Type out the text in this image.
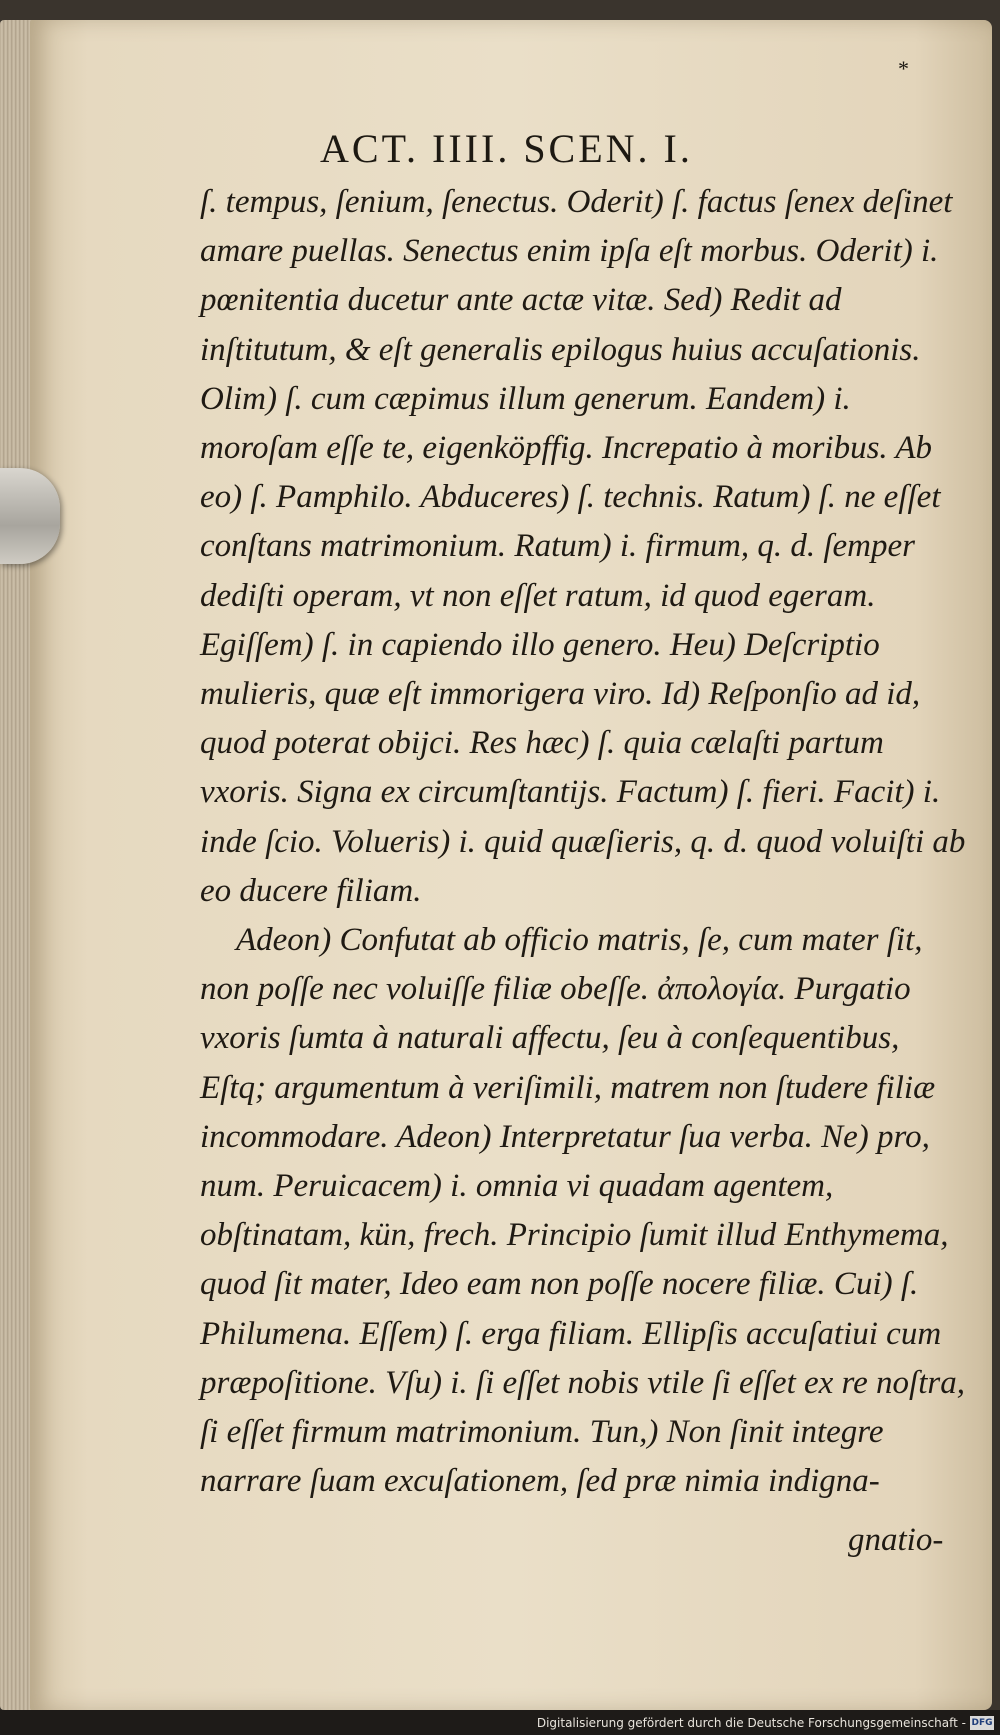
*
ACT. IIII. SCEN. I.

ſ. tempus, ſenium, ſenectus. Oderit) ſ. factus ſenex deſinet amare puellas. Senectus enim ipſa eſt morbus. Oderit) i. pœnitentia ducetur ante actæ vitæ. Sed) Redit ad inſtitutum, & eſt generalis epilogus huius accuſationis. Olim) ſ. cum cæpimus illum generum. Eandem) i. moroſam eſſe te, eigenköpffig. Increpatio à moribus. Ab eo) ſ. Pamphilo. Abduceres) ſ. technis. Ratum) ſ. ne eſſet conſtans matrimonium. Ratum) i. firmum, q. d. ſemper dediſti operam, vt non eſſet ratum, id quod egeram. Egiſſem) ſ. in capiendo illo genero. Heu) Deſcriptio mulieris, quæ eſt immorigera viro. Id) Reſponſio ad id, quod poterat obijci. Res hæc) ſ. quia cælaſti partum vxoris. Signa ex circumſtantijs. Factum) ſ. fieri. Facit) i. inde ſcio. Volueris) i. quid quæſieris, q. d. quod voluiſti ab eo ducere filiam.

Adeon) Confutat ab officio matris, ſe, cum mater ſit, non poſſe nec voluiſſe filiæ obeſſe. ἀπολογία. Purgatio vxoris ſumta à naturali affectu, ſeu à conſequentibus, Eſtq; argumentum à veriſimili, matrem non ſtudere filiæ incommodare. Adeon) Interpretatur ſua verba. Ne) pro, num. Peruicacem) i. omnia vi quadam agentem, obſtinatam, kün, frech. Principio ſumit illud Enthymema, quod ſit mater, Ideo eam non poſſe nocere filiæ. Cui) ſ. Philumena. Eſſem) ſ. erga filiam. Ellipſis accuſatiui cum præpoſitione. Vſu) i. ſi eſſet nobis vtile ſi eſſet ex re noſtra, ſi eſſet firmum matrimonium. Tun,) Non ſinit integre narrare ſuam excuſationem, ſed præ nimia indigna-

gnatio-
Digitalisierung gefördert durch die Deutsche Forschungsgemeinschaft - DFG
